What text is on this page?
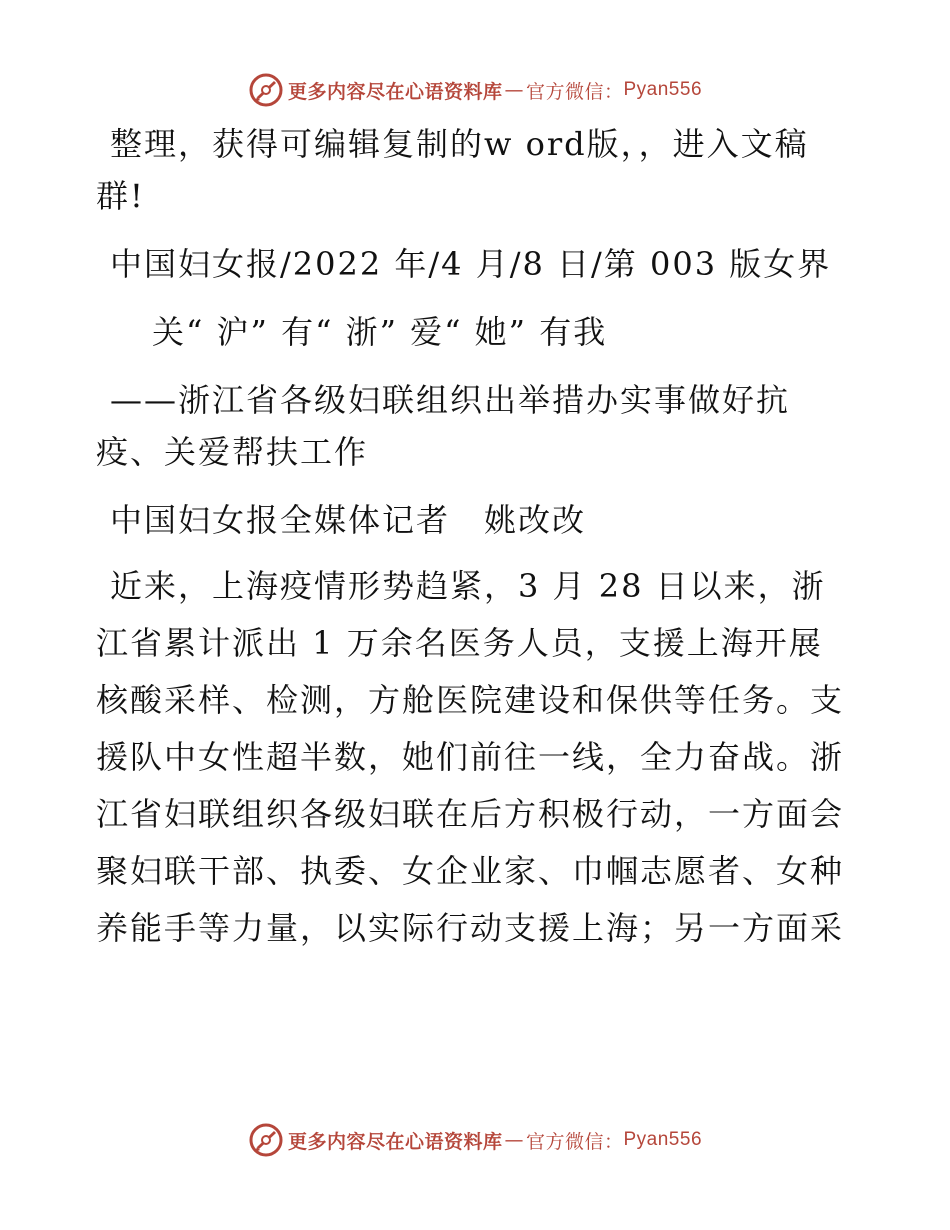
更多内容尽在心语资料库 — 官方微信： Pyan556

整理，获得可编辑复制的w ord版，，进入文稿

群!

中国妇女报/2022 年/4 月/8 日/第 003 版女界

关“ 沪” 有“ 浙” 爱“ 她” 有我

——浙江省各级妇联组织出举措办实事做好抗

疫、关爱帮扶工作

中国妇女报全媒体记者　姚改改

近来，上海疫情形势趋紧，3 月 28 日以来，浙

江省累计派出 1 万余名医务人员，支援上海开展

核酸采样、检测，方舱医院建设和保供等任务。支

援队中女性超半数，她们前往一线，全力奋战。浙

江省妇联组织各级妇联在后方积极行动，一方面会

聚妇联干部、执委、女企业家、巾帼志愿者、女种

养能手等力量，以实际行动支援上海；另一方面采

更多内容尽在心语资料库 — 官方微信： Pyan556
